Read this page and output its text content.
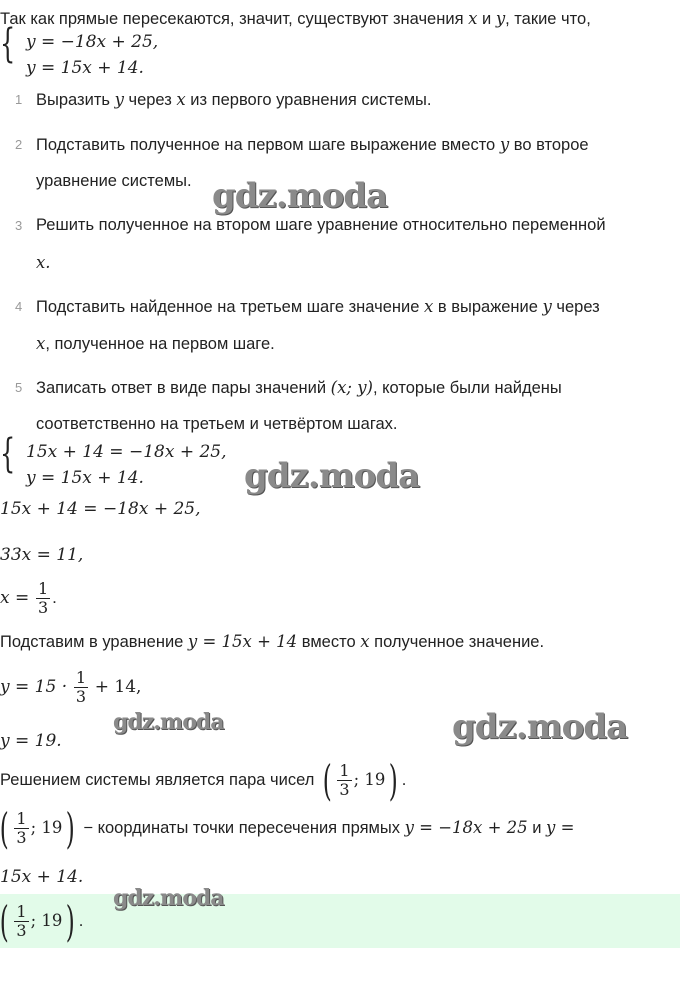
Так как прямые пересекаются, значит, существуют значения x и y, такие что,
{ y = −18x + 25,
y = 15x + 14.
1 Выразить y через x из первого уравнения системы.
2 Подставить полученное на первом шаге выражение вместо y во второе
уравнение системы.
3 Решить полученное на втором шаге уравнение относительно переменной
x.
4 Подставить найденное на третьем шаге значение x в выражение y через
x, полученное на первом шаге.
5 Записать ответ в виде пары значений (x; y), которые были найдены
соответственно на третьем и четвёртом шагах.
{ 15x + 14 = −18x + 25,
y = 15x + 14.
15x + 14 = −18x + 25,
33x = 11,
$x = \frac{1}{3}$ .
Подставим в уравнение y = 15x + 14 вместо x полученное значение.
$y = 15 \cdot \frac{1}{3} + 14$,
y = 19.
Решением системы является пара чисел ( $\frac{1}{3}$ ; 19) .
( $\frac{1}{3}$ ; 19) − координаты точки пересечения прямых y = −18x + 25 и y =
15x + 14.
( $\frac{1}{3}$ ; 19) .
gdz.moda
gdz.moda
gdz.moda	gdz.moda
gdz.moda
